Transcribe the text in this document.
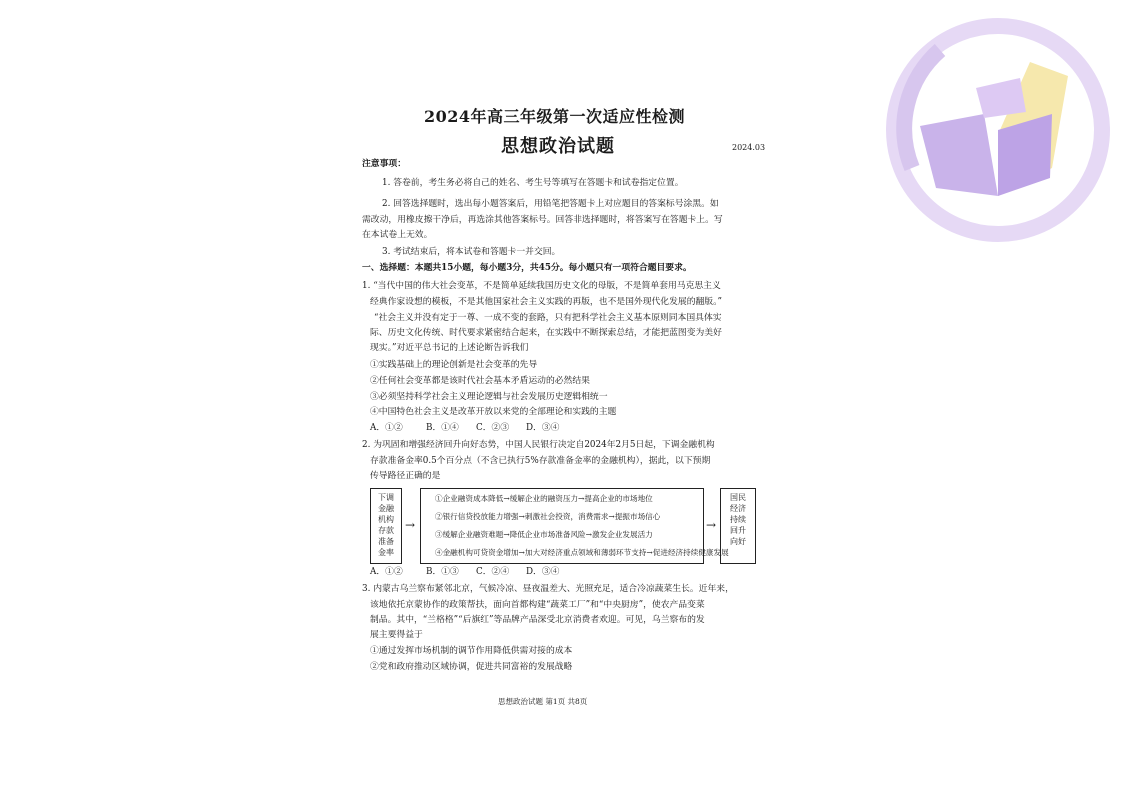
2024年高三年级第一次适应性检测
思想政治试题	2024.03
注意事项：
1. 答卷前，考生务必将自己的姓名、考生号等填写在答题卡和试卷指定位置。
2. 回答选择题时，选出每小题答案后，用铅笔把答题卡上对应题目的答案标号涂黑。如
需改动，用橡皮擦干净后，再选涂其他答案标号。回答非选择题时，将答案写在答题卡上。写
在本试卷上无效。
3. 考试结束后，将本试卷和答题卡一并交回。
一、选择题：本题共15小题，每小题3分，共45分。每小题只有一项符合题目要求。
1. “当代中国的伟大社会变革，不是简单延续我国历史文化的母版，不是简单套用马克思主义
经典作家设想的模板，不是其他国家社会主义实践的再版，也不是国外现代化发展的翻版。”
“社会主义并没有定于一尊、一成不变的套路，只有把科学社会主义基本原则同本国具体实
际、历史文化传统、时代要求紧密结合起来，在实践中不断探索总结，才能把蓝图变为美好
现实。”对近平总书记的上述论断告诉我们
①实践基础上的理论创新是社会变革的先导
②任何社会变革都是该时代社会基本矛盾运动的必然结果
③必须坚持科学社会主义理论逻辑与社会发展历史逻辑相统一
④中国特色社会主义是改革开放以来党的全部理论和实践的主题
A．①②	B．①④ C．②③ D．③④
2. 为巩固和增强经济回升向好态势，中国人民银行决定自2024年2月5日起，下调金融机构
存款准备金率0.5个百分点（不含已执行5%存款准备金率的金融机构），据此，以下预期
传导路径正确的是
下调金融机构存款准备金率
→
①企业融资成本降低→缓解企业的融资压力→提高企业的市场地位
②银行信贷投放能力增强→刺激社会投资，消费需求→提振市场信心
③缓解企业融资难题→降低企业市场准备风险→激发企业发展活力
④金融机构可贷资金增加→加大对经济重点领域和薄弱环节支持→促进经济持续健康发展
→
国民经济持续回升向好
A．①②	B．①③ C．②④ D．③④
3. 内蒙古乌兰察布紧邻北京，气候冷凉、昼夜温差大、光照充足，适合冷凉蔬菜生长。近年来，
该地依托京蒙协作的政策帮扶，面向首都构建“蔬菜工厂”和“中央厨房”，使农产品变菜
制品。其中，“兰格格”“后旗红”等品牌产品深受北京消费者欢迎。可见，乌兰察布的发
展主要得益于
①通过发挥市场机制的调节作用降低供需对接的成本
②党和政府推动区域协调，促进共同富裕的发展战略
思想政治试题 第1页 共8页
